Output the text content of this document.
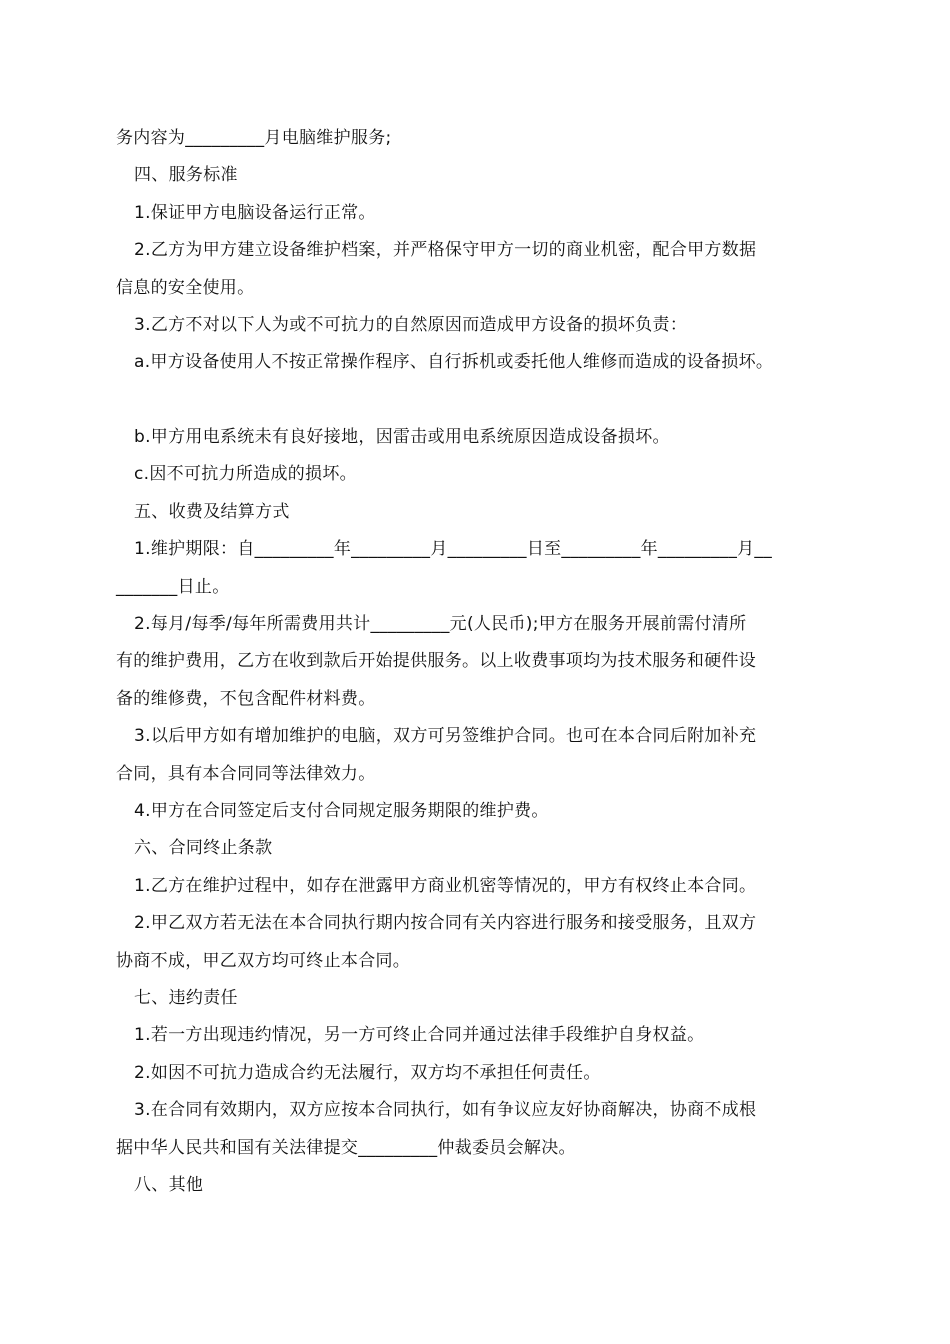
务内容为_________月电脑维护服务;
四、服务标准
1.保证甲方电脑设备运行正常。
2.乙方为甲方建立设备维护档案，并严格保守甲方一切的商业机密，配合甲方数据
信息的安全使用。
3.乙方不对以下人为或不可抗力的自然原因而造成甲方设备的损坏负责：
a.甲方设备使用人不按正常操作程序、自行拆机或委托他人维修而造成的设备损坏。
b.甲方用电系统未有良好接地，因雷击或用电系统原因造成设备损坏。
c.因不可抗力所造成的损坏。
五、收费及结算方式
1.维护期限：自_________年_________月_________日至_________年_________月__
_______日止。
2.每月/每季/每年所需费用共计_________元(人民币);甲方在服务开展前需付清所
有的维护费用，乙方在收到款后开始提供服务。以上收费事项均为技术服务和硬件设
备的维修费，不包含配件材料费。
3.以后甲方如有增加维护的电脑，双方可另签维护合同。也可在本合同后附加补充
合同，具有本合同同等法律效力。
4.甲方在合同签定后支付合同规定服务期限的维护费。
六、合同终止条款
1.乙方在维护过程中，如存在泄露甲方商业机密等情况的，甲方有权终止本合同。
2.甲乙双方若无法在本合同执行期内按合同有关内容进行服务和接受服务，且双方
协商不成，甲乙双方均可终止本合同。
七、违约责任
1.若一方出现违约情况，另一方可终止合同并通过法律手段维护自身权益。
2.如因不可抗力造成合约无法履行，双方均不承担任何责任。
3.在合同有效期内，双方应按本合同执行，如有争议应友好协商解决，协商不成根
据中华人民共和国有关法律提交_________仲裁委员会解决。
八、其他
